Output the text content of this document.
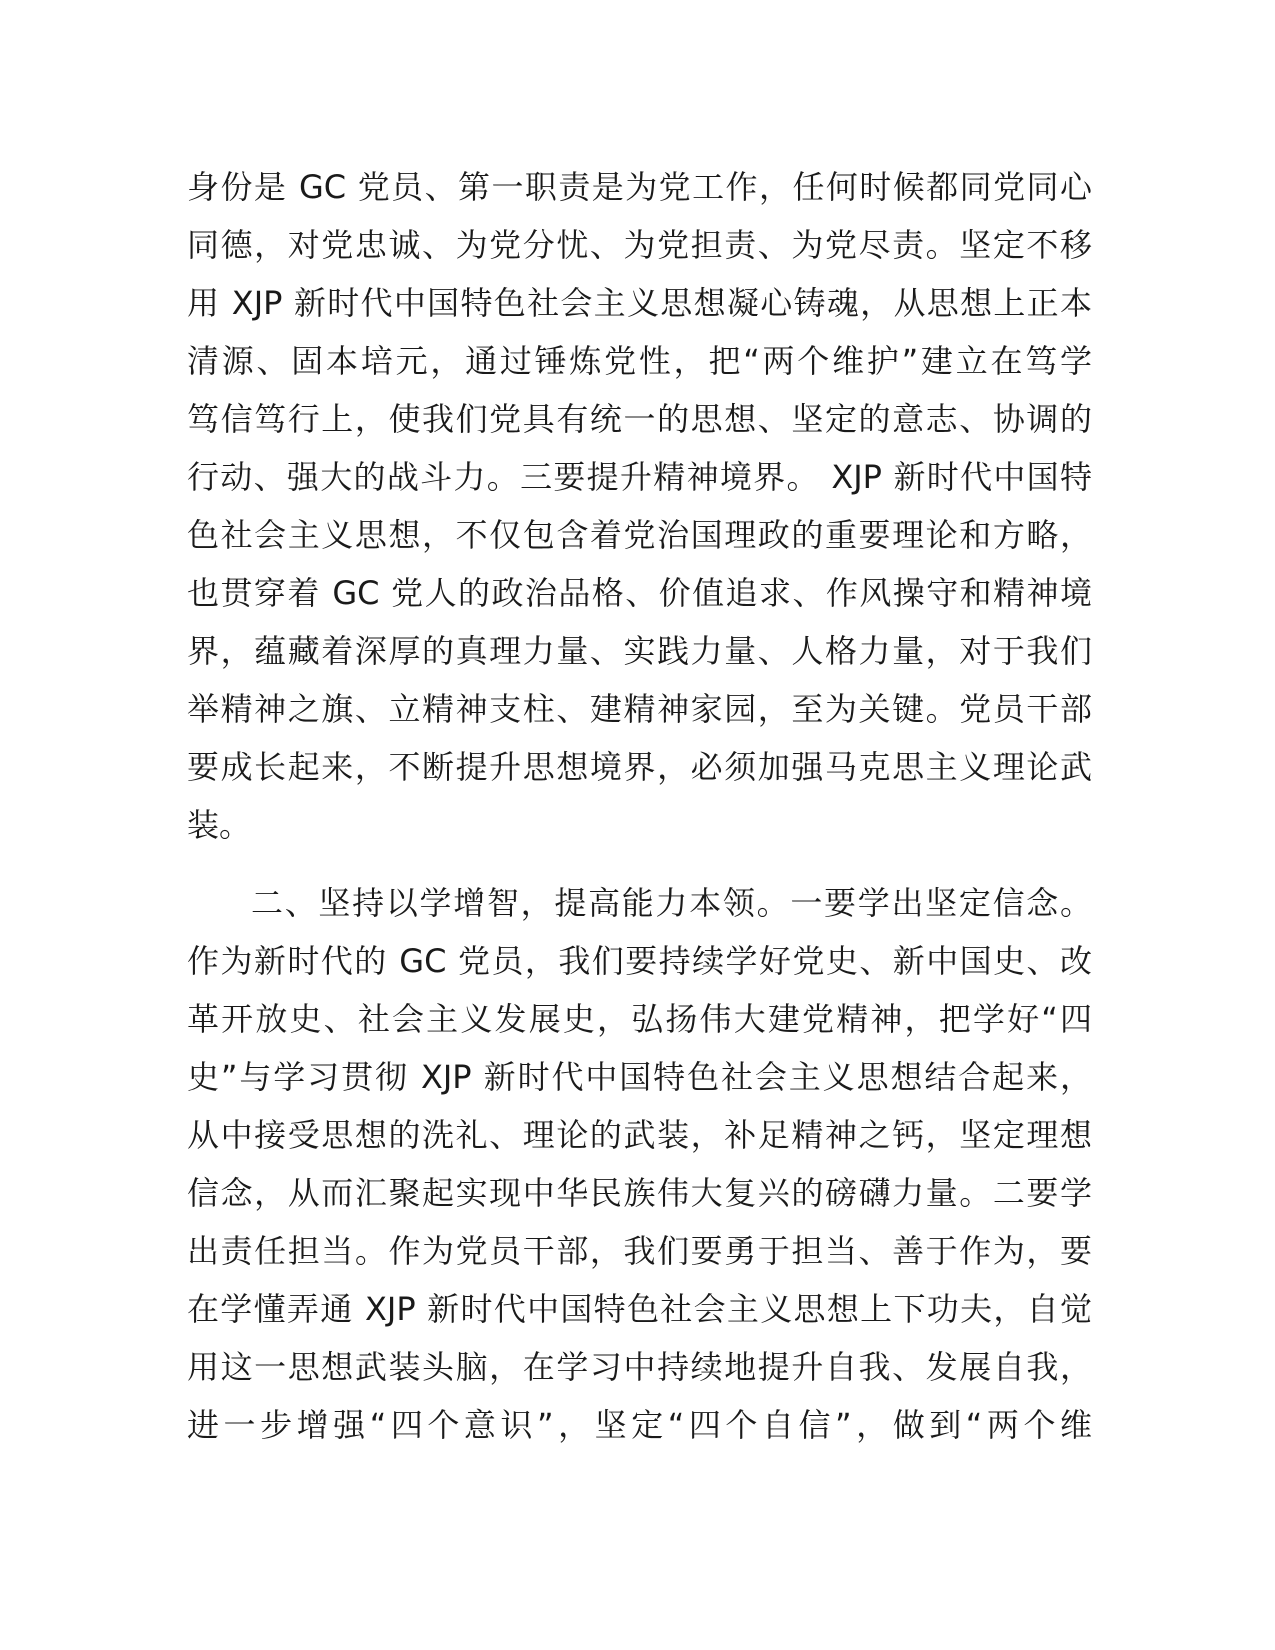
身份是 GC 党员、第一职责是为党工作，任何时候都同党同心
同德，对党忠诚、为党分忧、为党担责、为党尽责。坚定不移
用 XJP 新时代中国特色社会主义思想凝心铸魂，从思想上正本
清源、固本培元，通过锤炼党性，把“两个维护”建立在笃学
笃信笃行上，使我们党具有统一的思想、坚定的意志、协调的
行动、强大的战斗力。三要提升精神境界。 XJP 新时代中国特
色社会主义思想，不仅包含着党治国理政的重要理论和方略，
也贯穿着 GC 党人的政治品格、价值追求、作风操守和精神境
界，蕴藏着深厚的真理力量、实践力量、人格力量，对于我们
举精神之旗、立精神支柱、建精神家园，至为关键。党员干部
要成长起来，不断提升思想境界，必须加强马克思主义理论武
装。
二、坚持以学增智，提高能力本领。一要学出坚定信念。
作为新时代的 GC 党员，我们要持续学好党史、新中国史、改
革开放史、社会主义发展史，弘扬伟大建党精神，把学好“四
史”与学习贯彻 XJP 新时代中国特色社会主义思想结合起来，
从中接受思想的洗礼、理论的武装，补足精神之钙，坚定理想
信念，从而汇聚起实现中华民族伟大复兴的磅礴力量。二要学
出责任担当。作为党员干部，我们要勇于担当、善于作为，要
在学懂弄通 XJP 新时代中国特色社会主义思想上下功夫，自觉
用这一思想武装头脑，在学习中持续地提升自我、发展自我，
进一步增强“四个意识”，坚定“四个自信”，做到“两个维
